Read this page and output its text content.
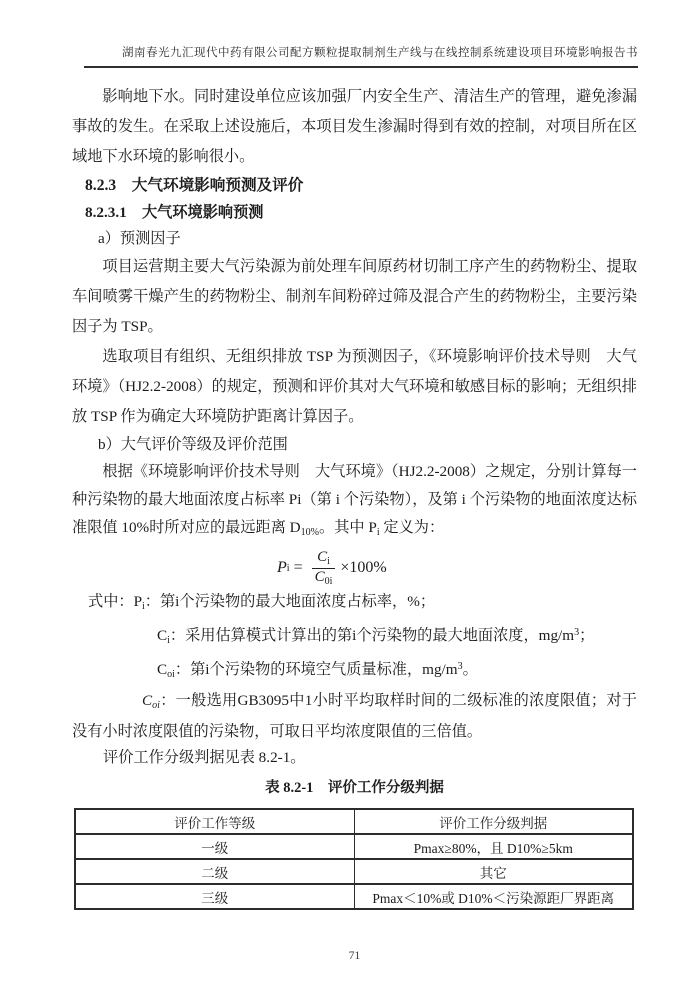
湖南春光九汇现代中药有限公司配方颗粒提取制剂生产线与在线控制系统建设项目环境影响报告书

影响地下水。同时建设单位应该加强厂内安全生产、清洁生产的管理，避免渗漏事故的发生。在采取上述设施后，本项目发生渗漏时得到有效的控制，对项目所在区域地下水环境的影响很小。

8.2.3　大气环境影响预测及评价
8.2.3.1　大气环境影响预测
a）预测因子

项目运营期主要大气污染源为前处理车间原药材切制工序产生的药物粉尘、提取车间喷雾干燥产生的药物粉尘、制剂车间粉碎过筛及混合产生的药物粉尘，主要污染因子为 TSP。

选取项目有组织、无组织排放 TSP 为预测因子，《环境影响评价技术导则　大气环境》（HJ2.2-2008）的规定，预测和评价其对大气环境和敏感目标的影响；无组织排放 TSP 作为确定大环境防护距离计算因子。

b）大气评价等级及评价范围

根据《环境影响评价技术导则　大气环境》（HJ2.2-2008）之规定，分别计算每一种污染物的最大地面浓度占标率 Pi（第 i 个污染物），及第 i 个污染物的地面浓度达标准限值 10%时所对应的最远距离 $D_{10\%}$。其中 $P_i$ 定义为：

P $i = \frac{C_i}{C_{0i}} \times 100\%$
式中：$P_i$：第i个污染物的最大地面浓度占标率，%；
$C_i$：采用估算模式计算出的第i个污染物的最大地面浓度，$mg/m^3$；
$C_{oi}$：第i个污染物的环境空气质量标准，$mg/m^3$。

$C_{oi}$：一般选用GB3095中1小时平均取样时间的二级标准的浓度限值；对于没有小时浓度限值的污染物，可取日平均浓度限值的三倍值。

评价工作分级判据见表 8.2-1。

表 8.2-1　评价工作分级判据
评价工作等级	评价工作分级判据
一级	Pmax≥80%，且 D10%≥5km
二级	其它
三级	Pmax＜10%或 D10%＜污染源距厂界距离
71
